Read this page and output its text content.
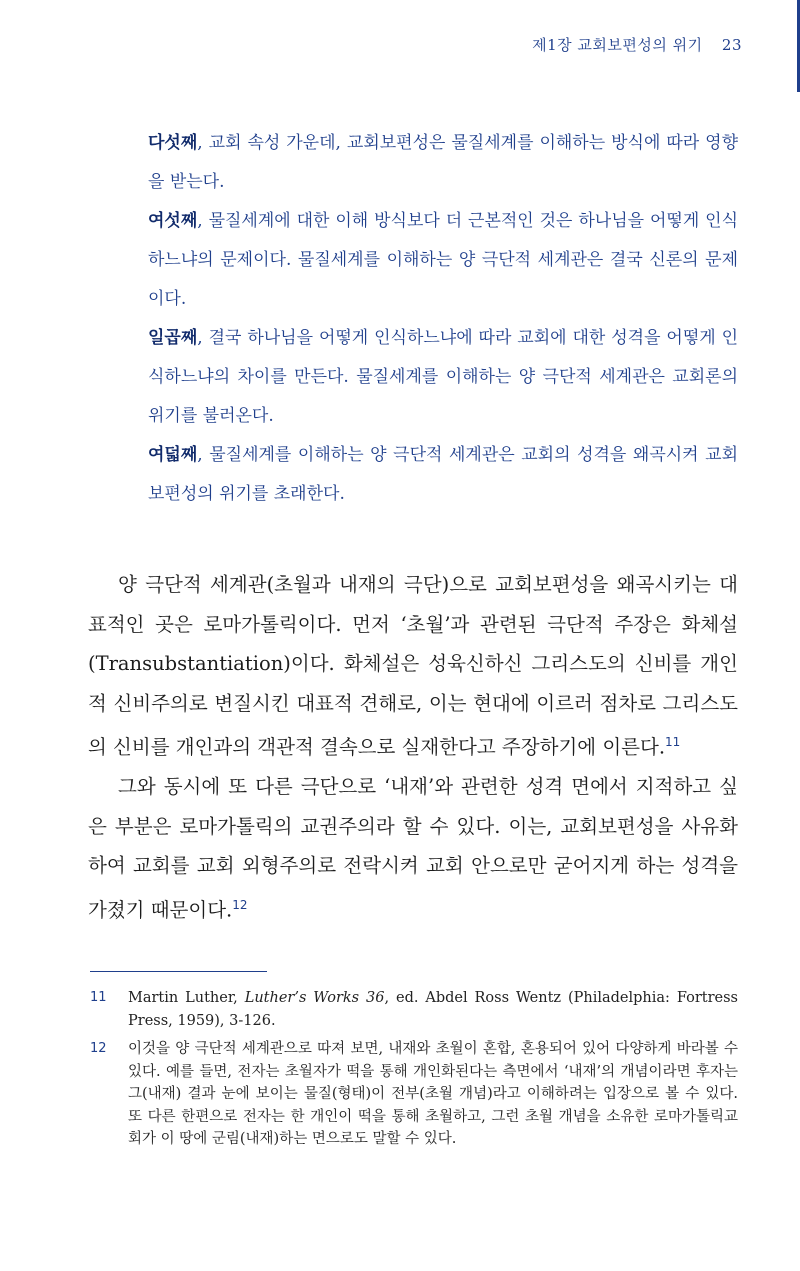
제1장 교회보편성의 위기 23

다섯째, 교회 속성 가운데, 교회보편성은 물질세계를 이해하는 방식에 따라 영향을 받는다.

여섯째, 물질세계에 대한 이해 방식보다 더 근본적인 것은 하나님을 어떻게 인식하느냐의 문제이다. 물질세계를 이해하는 양 극단적 세계관은 결국 신론의 문제이다.

일곱째, 결국 하나님을 어떻게 인식하느냐에 따라 교회에 대한 성격을 어떻게 인식하느냐의 차이를 만든다. 물질세계를 이해하는 양 극단적 세계관은 교회론의 위기를 불러온다.

여덟째, 물질세계를 이해하는 양 극단적 세계관은 교회의 성격을 왜곡시켜 교회보편성의 위기를 초래한다.

양 극단적 세계관(초월과 내재의 극단)으로 교회보편성을 왜곡시키는 대표적인 곳은 로마가톨릭이다. 먼저 ‘초월’과 관련된 극단적 주장은 화체설(Transubstantiation)이다. 화체설은 성육신하신 그리스도의 신비를 개인적 신비주의로 변질시킨 대표적 견해로, 이는 현대에 이르러 점차로 그리스도의 신비를 개인과의 객관적 결속으로 실재한다고 주장하기에 이른다.$^{11}$

그와 동시에 또 다른 극단으로 ‘내재’와 관련한 성격 면에서 지적하고 싶은 부분은 로마가톨릭의 교권주의라 할 수 있다. 이는, 교회보편성을 사유화하여 교회를 교회 외형주의로 전락시켜 교회 안으로만 굳어지게 하는 성격을 가졌기 때문이다.$^{12}$

11 Martin Luther, Luther’s Works 36, ed. Abdel Ross Wentz (Philadelphia: Fortress Press, 1959), 3-126.
12 이것을 양 극단적 세계관으로 따져 보면, 내재와 초월이 혼합, 혼용되어 있어 다양하게 바라볼 수 있다. 예를 들면, 전자는 초월자가 떡을 통해 개인화된다는 측면에서 ‘내재’의 개념이라면 후자는 그(내재) 결과 눈에 보이는 물질(형태)이 전부(초월 개념)라고 이해하려는 입장으로 볼 수 있다. 또 다른 한편으로 전자는 한 개인이 떡을 통해 초월하고, 그런 초월 개념을 소유한 로마가톨릭교회가 이 땅에 군림(내재)하는 면으로도 말할 수 있다.
